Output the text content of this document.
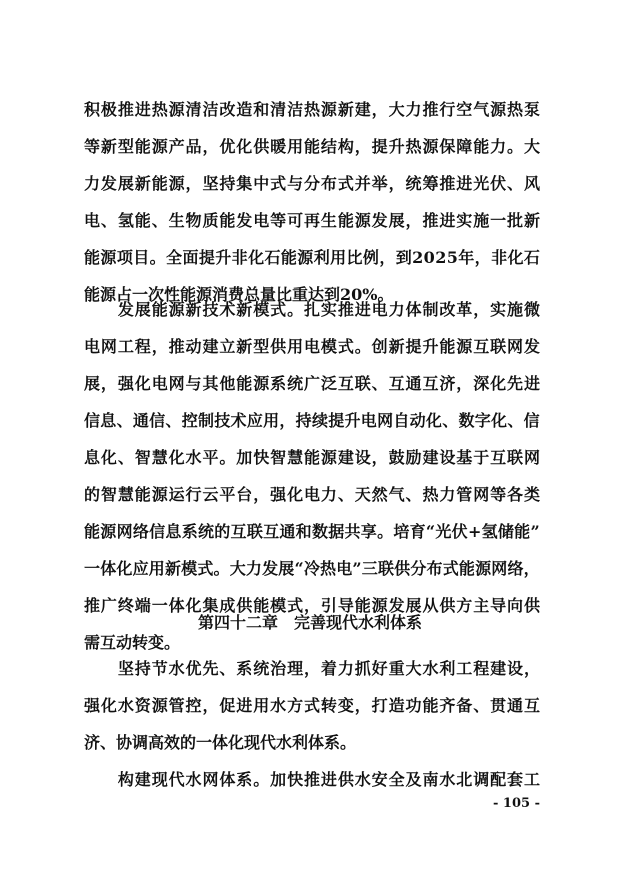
积 极 推 进 热 源 清 洁 改 造 和 清 洁 热 源 新 建 ， 大 力 推 行 空 气 源 热 泵
等 新 型 能 源 产 品 ， 优 化 供 暖 用 能 结 构 ， 提 升 热 源 保 障 能 力 。 大
力 发 展 新 能 源 ， 坚 持 集 中 式 与 分 布 式 并 举 ， 统 筹 推 进 光 伏 、 风
电 、 氢 能 、 生 物 质 能 发 电 等 可 再 生 能 源 发 展 ， 推 进 实 施 一 批 新
能 源 项 目 。 全 面 提 升 非 化 石 能 源 利 用 比 例 ， 到 2 0 2 5 年 ， 非 化 石
能源占一次性能源消费总量比重达到20%。

发 展 能 源 新 技 术 新 模 式 。 扎 实 推 进 电 力 体 制 改 革 ， 实 施 微
电 网 工 程 ， 推 动 建 立 新 型 供 用 电 模 式 。 创 新 提 升 能 源 互 联 网 发
展 ， 强 化 电 网 与 其 他 能 源 系 统 广 泛 互 联 、 互 通 互 济 ， 深 化 先 进
信 息 、 通 信 、 控 制 技 术 应 用 ， 持 续 提 升 电 网 自 动 化 、 数 字 化 、 信
息 化 、 智 慧 化 水 平 。 加 快 智 慧 能 源 建 设 ， 鼓 励 建 设 基 于 互 联 网
的 智 慧 能 源 运 行 云 平 台 ， 强 化 电 力 、 天 然 气 、 热 力 管 网 等 各 类
能 源 网 络 信 息 系 统 的 互 联 互 通 和 数 据 共 享 。 培 育 “ 光 伏 + 氢 储 能 ”
一 体 化 应 用 新 模 式 。 大 力 发 展 “ 冷 热 电 ” 三 联 供 分 布 式 能 源 网 络 ，
推 广 终 端 一 体 化 集 成 供 能 模 式 ， 引 导 能 源 发 展 从 供 方 主 导 向 供
需互动转变。
第四十二章　完善现代水利体系

坚 持 节 水 优 先 、 系 统 治 理 ， 着 力 抓 好 重 大 水 利 工 程 建 设 ，
强 化 水 资 源 管 控 ， 促 进 用 水 方 式 转 变 ， 打 造 功 能 齐 备 、 贯 通 互
济、协调高效的一体化现代水利体系。

构 建 现 代 水 网 体 系 。 加 快 推 进 供 水 安 全 及 南 水 北 调 配 套 工
- 105 -
